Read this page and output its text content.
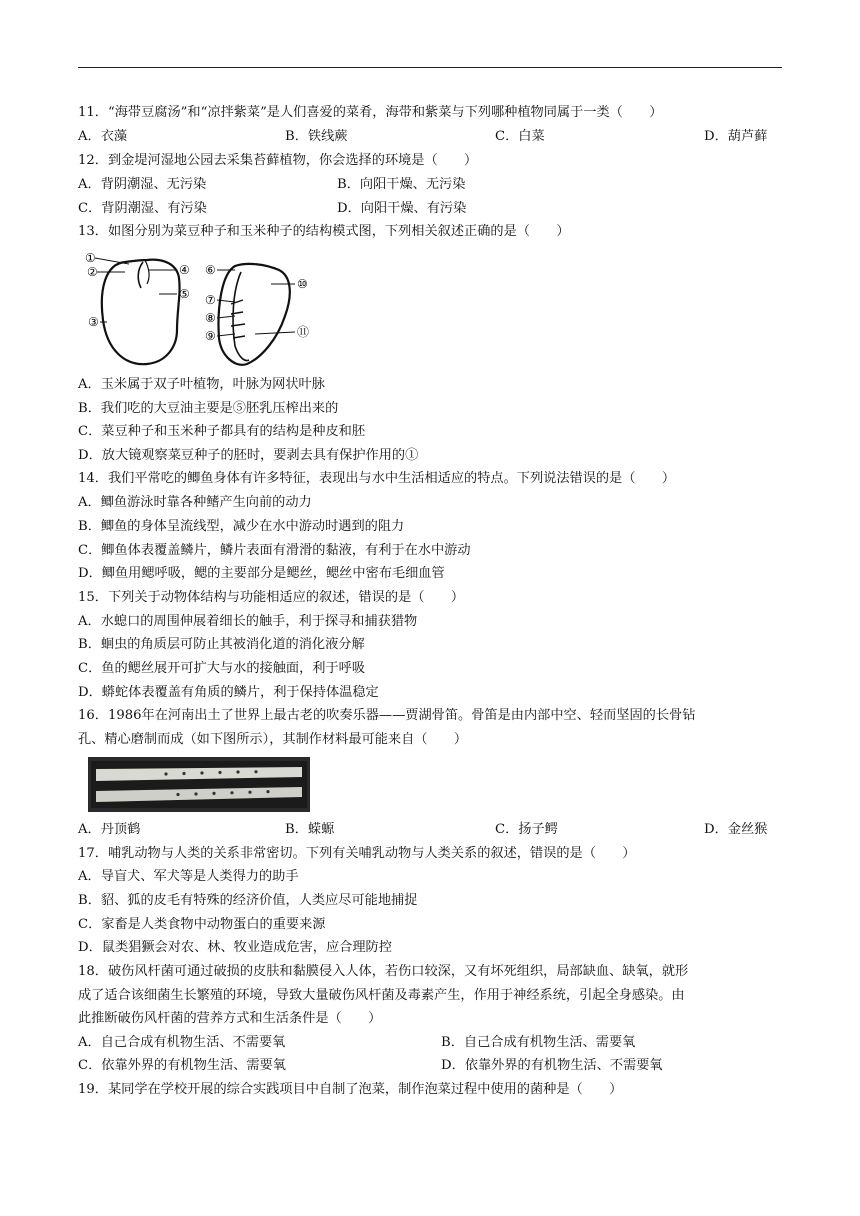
11．“海带豆腐汤”和“凉拌紫菜”是人们喜爱的菜肴，海带和紫菜与下列哪种植物同属于一类（　　）
A．衣藻	B．铁线蕨	C．白菜	D．葫芦藓
12．到金堤河湿地公园去采集苔藓植物，你会选择的环境是（　　）
A．背阴潮湿、无污染	B．向阳干燥、无污染
C．背阴潮湿、有污染	D．向阳干燥、有污染
13．如图分别为菜豆种子和玉米种子的结构模式图，下列相关叙述正确的是（　　）
①
②
③
④
⑤
⑥
⑦
⑧
⑨
⑩
⑪
A．玉米属于双子叶植物，叶脉为网状叶脉
B．我们吃的大豆油主要是⑤胚乳压榨出来的
C．菜豆种子和玉米种子都具有的结构是种皮和胚
D．放大镜观察菜豆种子的胚时，要剥去具有保护作用的①
14．我们平常吃的鲫鱼身体有许多特征，表现出与水中生活相适应的特点。下列说法错误的是（　　）
A．鲫鱼游泳时靠各种鳍产生向前的动力
B．鲫鱼的身体呈流线型，减少在水中游动时遇到的阻力
C．鲫鱼体表覆盖鳞片，鳞片表面有滑滑的黏液，有利于在水中游动
D．鲫鱼用鳃呼吸，鳃的主要部分是鳃丝，鳃丝中密布毛细血管
15．下列关于动物体结构与功能相适应的叙述，错误的是（　　）
A．水螅口的周围伸展着细长的触手，利于探寻和捕获猎物
B．蛔虫的角质层可防止其被消化道的消化液分解
C．鱼的鳃丝展开可扩大与水的接触面，利于呼吸
D．蟒蛇体表覆盖有角质的鳞片，利于保持体温稳定
16．1986年在河南出土了世界上最古老的吹奏乐器——贾湖骨笛。骨笛是由内部中空、轻而坚固的长骨钻
孔、精心磨制而成（如下图所示），其制作材料最可能来自（　　）
A．丹顶鹤	B．蝾螈	C．扬子鳄	D．金丝猴
17．哺乳动物与人类的关系非常密切。下列有关哺乳动物与人类关系的叙述，错误的是（　　）
A．导盲犬、军犬等是人类得力的助手
B．貂、狐的皮毛有特殊的经济价值，人类应尽可能地捕捉
C．家畜是人类食物中动物蛋白的重要来源
D．鼠类猖獗会对农、林、牧业造成危害，应合理防控
18．破伤风杆菌可通过破损的皮肤和黏膜侵入人体，若伤口较深，又有坏死组织，局部缺血、缺氧，就形
成了适合该细菌生长繁殖的环境，导致大量破伤风杆菌及毒素产生，作用于神经系统，引起全身感染。由
此推断破伤风杆菌的营养方式和生活条件是（　　）
A．自己合成有机物生活、不需要氧	B．自己合成有机物生活、需要氧
C．依靠外界的有机物生活、需要氧	D．依靠外界的有机物生活、不需要氧
19．某同学在学校开展的综合实践项目中自制了泡菜，制作泡菜过程中使用的菌种是（　　）
